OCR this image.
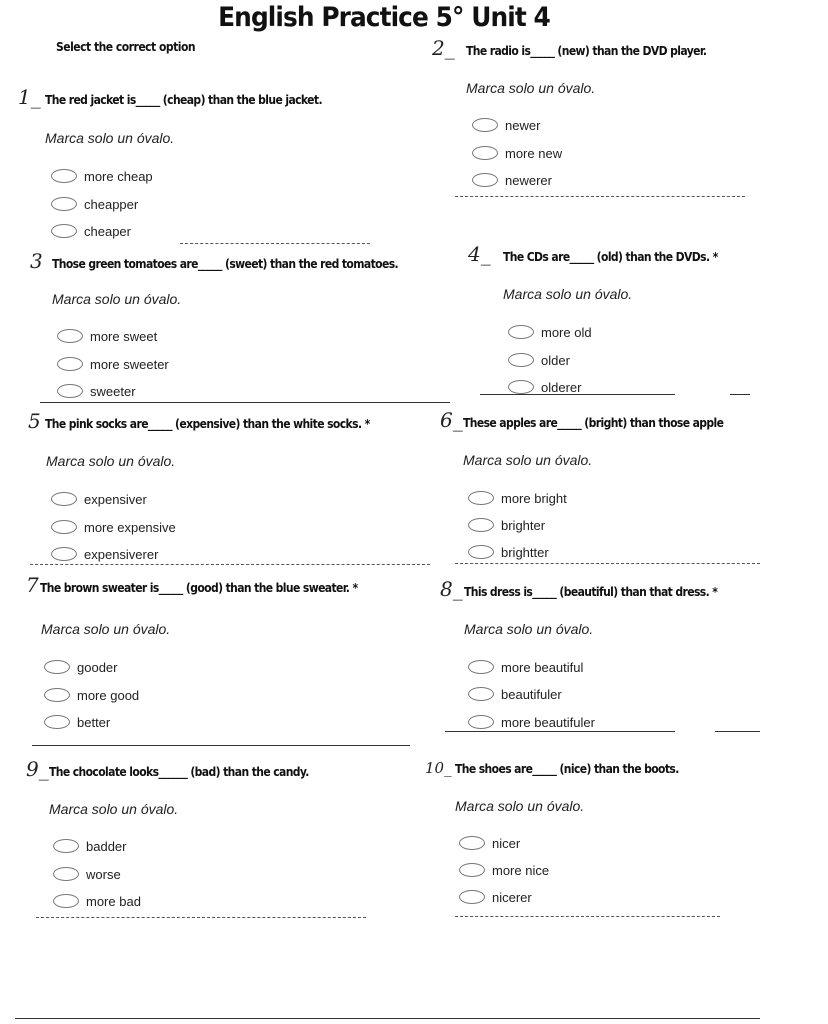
English Practice 5° Unit 4
Select the correct option
1_ The red jacket is_____ (cheap) than the blue jacket.
Marca solo un óvalo.
more cheap
cheapper
cheaper
2_ The radio is_____ (new) than the DVD player.
Marca solo un óvalo.
newer
more new
newerer
3 Those green tomatoes are_____ (sweet) than the red tomatoes.
Marca solo un óvalo.
more sweet
more sweeter
sweeter
4_ The CDs are_____ (old) than the DVDs. *
Marca solo un óvalo.
more old
older
olderer
5 The pink socks are_____ (expensive) than the white socks. *
Marca solo un óvalo.
expensiver
more expensive
expensiverer
6_ These apples are_____ (bright) than those apple
Marca solo un óvalo.
more bright
brighter
brightter
7 The brown sweater is_____ (good) than the blue sweater. *
Marca solo un óvalo.
gooder
more good
better
8_ This dress is_____ (beautiful) than that dress. *
Marca solo un óvalo.
more beautiful
beautifuler
more beautifuler
9_ The chocolate looks______ (bad) than the candy.
Marca solo un óvalo.
badder
worse
more bad
10_ The shoes are_____ (nice) than the boots.
Marca solo un óvalo.
nicer
more nice
nicerer
